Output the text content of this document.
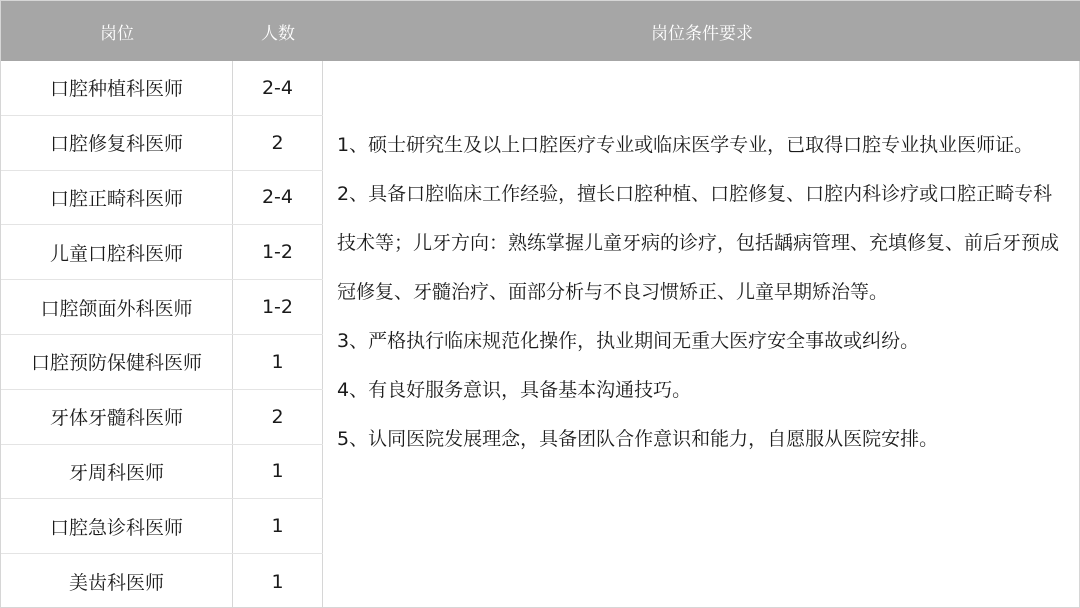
岗位	人数	岗位条件要求
口腔种植科医师	2-4
口腔修复科医师	2
口腔正畸科医师	2-4
儿童口腔科医师	1-2
口腔颌面外科医师	1-2
口腔预防保健科医师	1
牙体牙髓科医师	2
牙周科医师	1
口腔急诊科医师	1
美齿科医师	1
1、硕士研究生及以上口腔医疗专业或临床医学专业，已取得口腔专业执业医师证。
2、具备口腔临床工作经验，擅长口腔种植、口腔修复、口腔内科诊疗或口腔正畸专科技术等；儿牙方向：熟练掌握儿童牙病的诊疗，包括龋病管理、充填修复、前后牙预成冠修复、牙髓治疗、面部分析与不良习惯矫正、儿童早期矫治等。
3、严格执行临床规范化操作，执业期间无重大医疗安全事故或纠纷。
4、有良好服务意识，具备基本沟通技巧。
5、认同医院发展理念，具备团队合作意识和能力，自愿服从医院安排。
